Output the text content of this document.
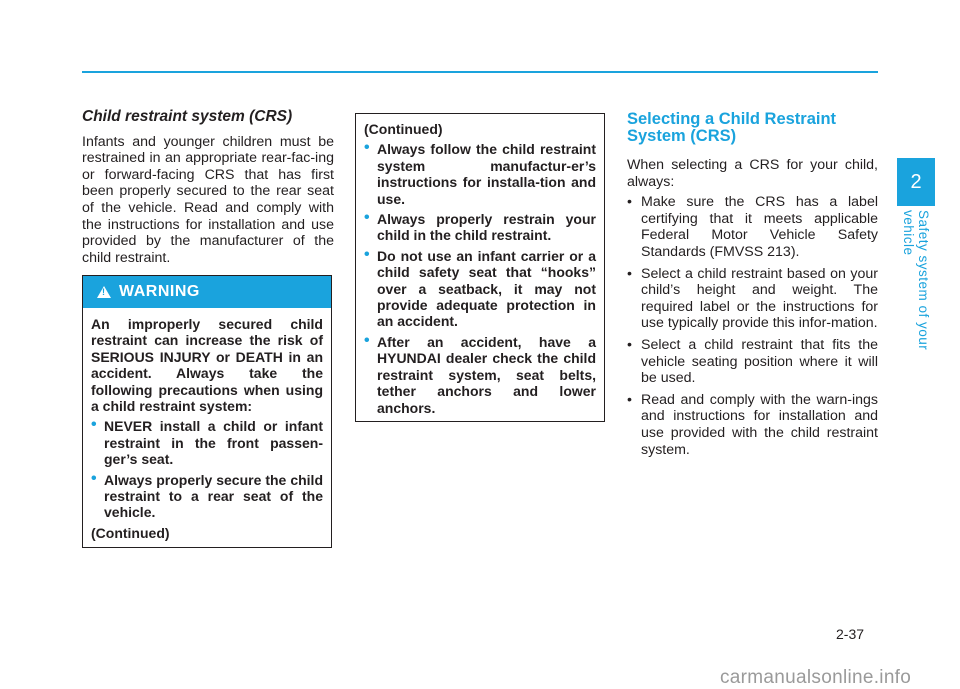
Child restraint system (CRS)

Infants and younger children must be restrained in an appropriate rear-fac-ing or forward-facing CRS that has first been properly secured to the rear seat of the vehicle. Read and comply with the instructions for installation and use provided by the manufacturer of the child restraint.

!
WARNING

An improperly secured child restraint can increase the risk of SERIOUS INJURY or DEATH in an accident. Always take the following precautions when using a child restraint system:

• NEVER install a child or infant restraint in the front passen-ger’s seat.
• Always properly secure the child restraint to a rear seat of the vehicle.

(Continued)

(Continued)

• Always follow the child restraint system manufactur-er’s instructions for installa-tion and use.
• Always properly restrain your child in the child restraint.
• Do not use an infant carrier or a child safety seat that “hooks” over a seatback, it may not provide adequate protection in an accident.
• After an accident, have a HYUNDAI dealer check the child restraint system, seat belts, tether anchors and lower anchors.

Selecting a Child Restraint System (CRS)

When selecting a CRS for your child, always:

• Make sure the CRS has a label certifying that it meets applicable Federal Motor Vehicle Safety Standards (FMVSS 213).
• Select a child restraint based on your child’s height and weight. The required label or the instructions for use typically provide this infor-mation.
• Select a child restraint that fits the vehicle seating position where it will be used.
• Read and comply with the warn-ings and instructions for installation and use provided with the child restraint system.
2
Safety system of your vehicle
2-37
carmanualsonline.info
